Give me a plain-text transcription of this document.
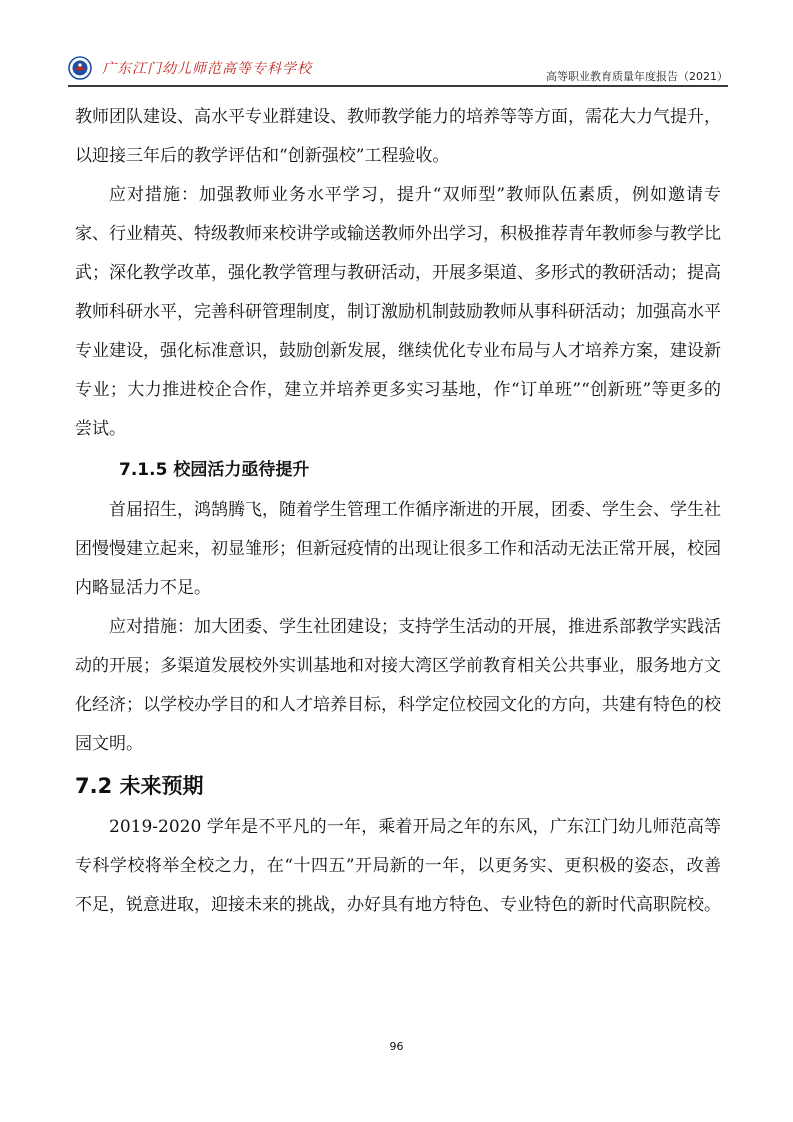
广东江门幼儿师范高等专科学校	高等职业教育质量年度报告（2021）

教师团队建设、高水平专业群建设、教师教学能力的培养等等方面，需花大力气提升，以迎接三年后的教学评估和“创新强校”工程验收。

应对措施：加强教师业务水平学习，提升“双师型”教师队伍素质，例如邀请专家、行业精英、特级教师来校讲学或输送教师外出学习，积极推荐青年教师参与教学比武；深化教学改革，强化教学管理与教研活动，开展多渠道、多形式的教研活动；提高教师科研水平，完善科研管理制度，制订激励机制鼓励教师从事科研活动；加强高水平专业建设，强化标准意识，鼓励创新发展，继续优化专业布局与人才培养方案，建设新专业；大力推进校企合作，建立并培养更多实习基地，作“订单班”“创新班”等更多的尝试。

7.1.5 校园活力亟待提升

首届招生，鸿鹄腾飞，随着学生管理工作循序渐进的开展，团委、学生会、学生社团慢慢建立起来，初显雏形；但新冠疫情的出现让很多工作和活动无法正常开展，校园内略显活力不足。

应对措施：加大团委、学生社团建设；支持学生活动的开展，推进系部教学实践活动的开展；多渠道发展校外实训基地和对接大湾区学前教育相关公共事业，服务地方文化经济；以学校办学目的和人才培养目标，科学定位校园文化的方向，共建有特色的校园文明。

7.2 未来预期

2019-2020 学年是不平凡的一年，乘着开局之年的东风，广东江门幼儿师范高等专科学校将举全校之力，在“十四五”开局新的一年，以更务实、更积极的姿态，改善不足，锐意进取，迎接未来的挑战，办好具有地方特色、专业特色的新时代高职院校。

96
